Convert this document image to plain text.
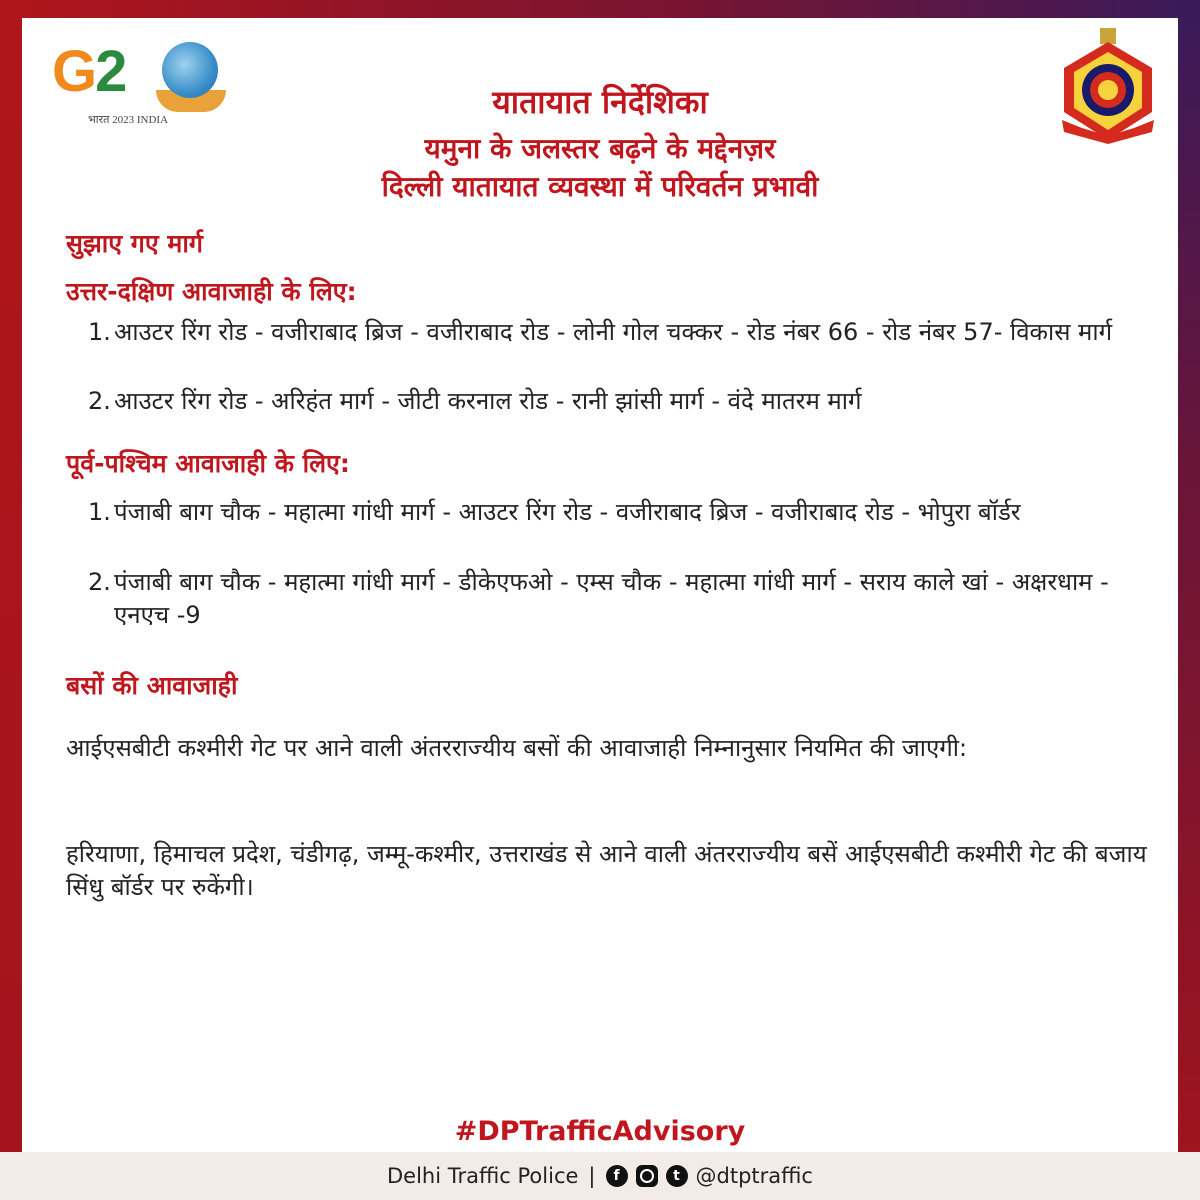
G2
भारत 2023 INDIA	यातायात निर्देशिका
यमुना के जलस्तर बढ़ने के मद्देनज़र
दिल्ली यातायात व्यवस्था में परिवर्तन प्रभावी
सुझाए गए मार्ग
उत्तर-दक्षिण आवाजाही के लिए:
1. आउटर रिंग रोड - वजीराबाद ब्रिज - वजीराबाद रोड - लोनी गोल चक्कर - रोड नंबर 66 - रोड नंबर 57- विकास मार्ग
2. आउटर रिंग रोड - अरिहंत मार्ग - जीटी करनाल रोड - रानी झांसी मार्ग - वंदे मातरम मार्ग
पूर्व-पश्चिम आवाजाही के लिए:
1. पंजाबी बाग चौक - महात्मा गांधी मार्ग - आउटर रिंग रोड - वजीराबाद ब्रिज - वजीराबाद रोड - भोपुरा बॉर्डर
2. पंजाबी बाग चौक - महात्मा गांधी मार्ग - डीकेएफओ - एम्स चौक - महात्मा गांधी मार्ग - सराय काले खां - अक्षरधाम - एनएच -9
बसों की आवाजाही
आईएसबीटी कश्मीरी गेट पर आने वाली अंतरराज्यीय बसों की आवाजाही निम्नानुसार नियमित की जाएगी:
हरियाणा, हिमाचल प्रदेश, चंडीगढ़, जम्मू-कश्मीर, उत्तराखंड से आने वाली अंतरराज्यीय बसें आईएसबीटी कश्मीरी गेट की बजाय सिंधु बॉर्डर पर रुकेंगी।
#DPTrafficAdvisory
Delhi Traffic Police |	f	t @dtptraffic
